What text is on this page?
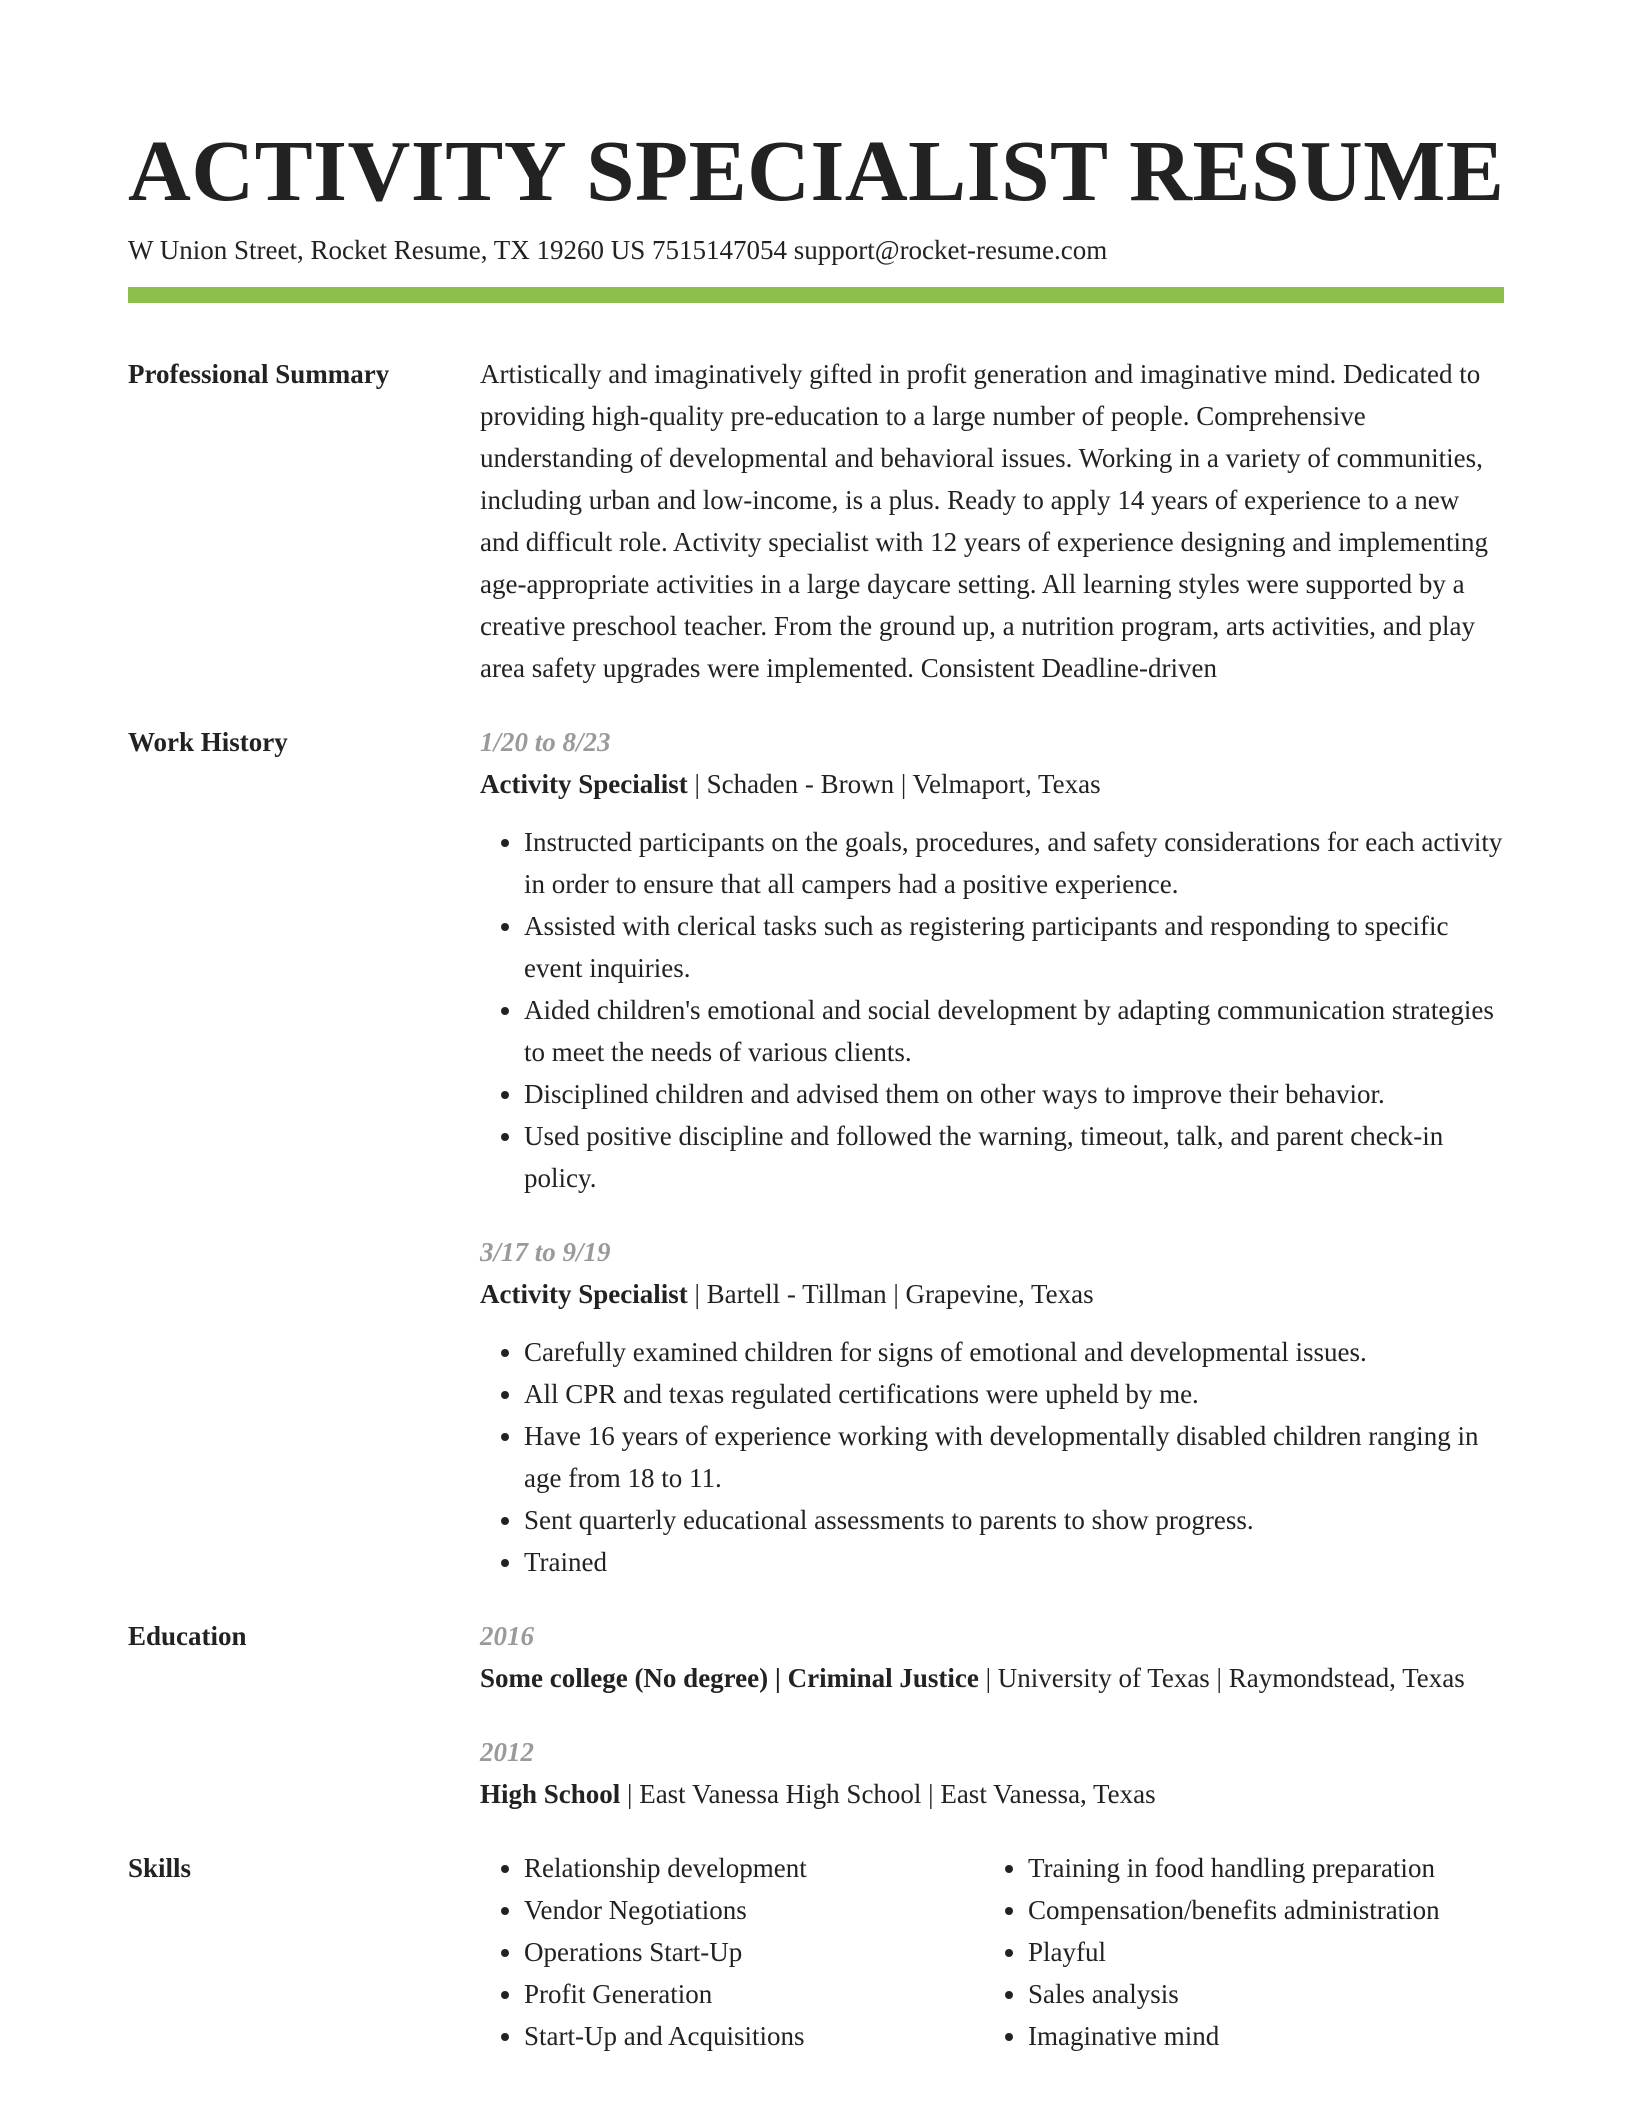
ACTIVITY SPECIALIST RESUME
W Union Street, Rocket Resume, TX 19260 US 7515147054 support@rocket-resume.com
Professional Summary	Artistically and imaginatively gifted in profit generation and imaginative mind. Dedicated to providing high-quality pre-education to a large number of people. Comprehensive understanding of developmental and behavioral issues. Working in a variety of communities, including urban and low-income, is a plus. Ready to apply 14 years of experience to a new and difficult role. Activity specialist with 12 years of experience designing and implementing age-appropriate activities in a large daycare setting. All learning styles were supported by a creative preschool teacher. From the ground up, a nutrition program, arts activities, and play area safety upgrades were implemented. Consistent Deadline-driven

Work History	1/20 to 8/23

Activity Specialist | Schaden - Brown | Velmaport, Texas

• Instructed participants on the goals, procedures, and safety considerations for each activity in order to ensure that all campers had a positive experience.
• Assisted with clerical tasks such as registering participants and responding to specific event inquiries.
• Aided children's emotional and social development by adapting communication strategies to meet the needs of various clients.
• Disciplined children and advised them on other ways to improve their behavior.
• Used positive discipline and followed the warning, timeout, talk, and parent check-in policy.
3/17 to 9/19

Activity Specialist | Bartell - Tillman | Grapevine, Texas

• Carefully examined children for signs of emotional and developmental issues.
• All CPR and texas regulated certifications were upheld by me.
• Have 16 years of experience working with developmentally disabled children ranging in age from 18 to 11.
• Sent quarterly educational assessments to parents to show progress.
• Trained
Education	2016

Some college (No degree) | Criminal Justice | University of Texas | Raymondstead, Texas

2012

High School | East Vanessa High School | East Vanessa, Texas

Skills
•	Relationship development
• Vendor Negotiations
• Operations Start-Up
• Profit Generation
• Start-Up and Acquisitions
• Training in food handling preparation
• Compensation/benefits administration
• Playful
• Sales analysis
• Imaginative mind
